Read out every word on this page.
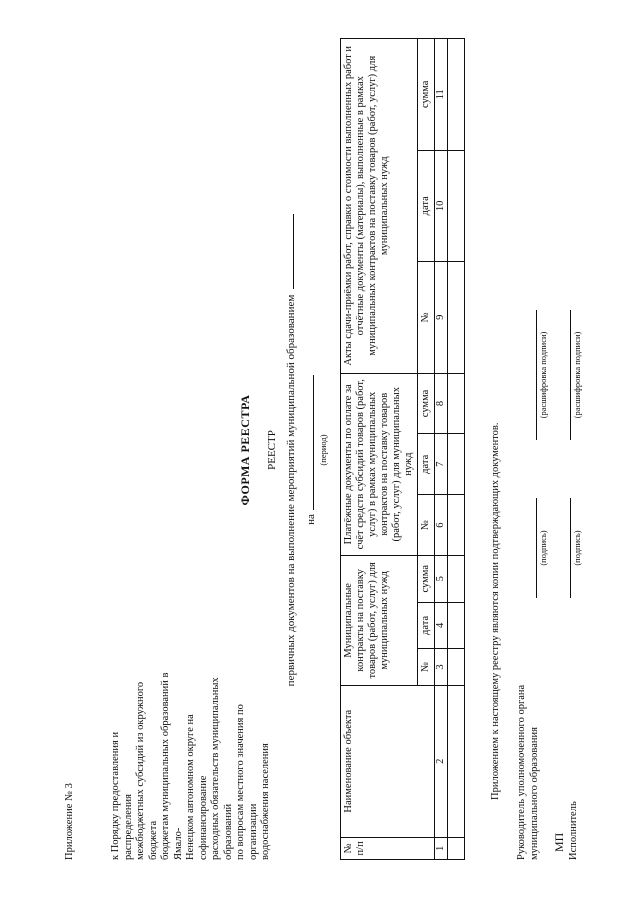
Приложение № 3	к Порядку предоставления и распределения
межбюджетных субсидий из окружного бюджета
бюджетам муниципальных образований в Ямало-
Ненецком автономном округе на софинансирование
расходных обязательств муниципальных образований
по вопросам местного значения по организации
водоснабжения населения
ФОРМА РЕЕСТРА РЕЕСТР первичных документов на выполнение мероприятий муниципальной образованием на
(период)
№
п/п	Наименование объекта	Муниципальные контракты на поставку товаров (работ, услуг) для муниципальных нужд			Платёжные документы по оплате за счёт средств субсидий товаров (работ, услуг) в рамках муниципальных контрактов на поставку товаров (работ, услуг) для муниципальных нужд			Акты сдачи-приёмки работ, справки о стоимости выполненных работ и отчётные документы (материалы), выполненные в рамках муниципальных контрактов на поставку товаров (работ, услуг) для муниципальных нужд		
		№	дата	сумма	№	дата	сумма	№	дата	сумма
1	2	3	4	5	6	7	8	9	10	11

Приложением к настоящему реестру являются копии подтверждающих документов.
Руководитель уполномоченного органа
муниципального образования
(подпись)
(расшифровка подписи)
МП Исполнитель
(подпись)
(расшифровка подписи)
